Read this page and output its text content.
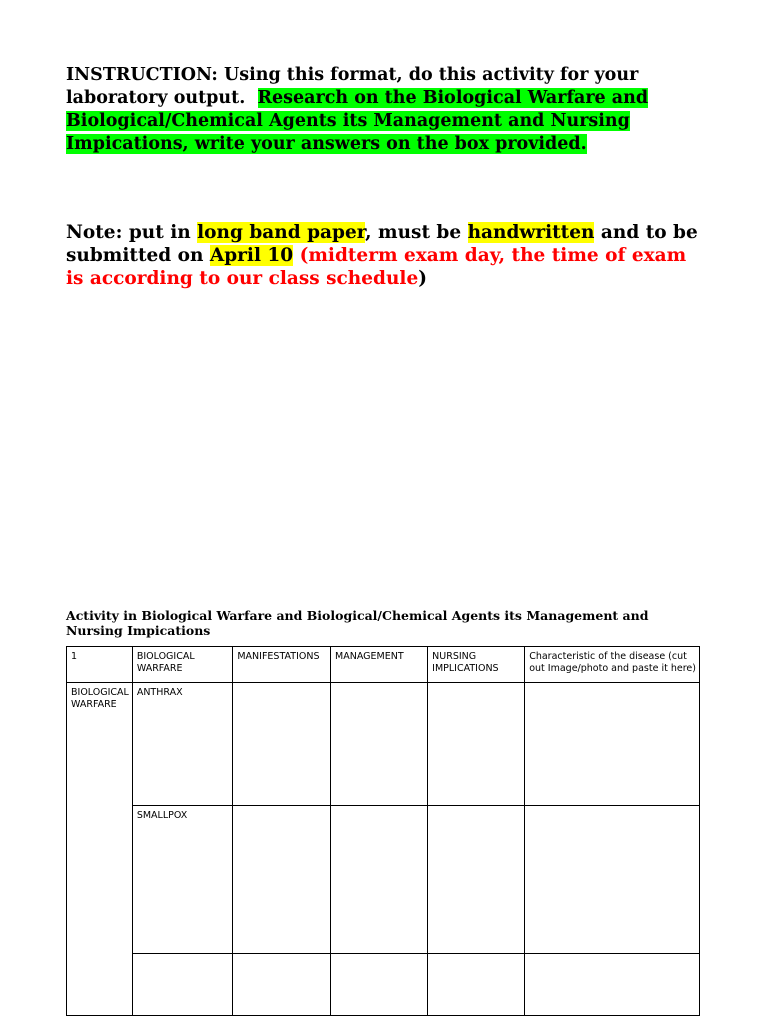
INSTRUCTION: Using this format, do this activity for your laboratory output. Research on the Biological Warfare and Biological/Chemical Agents its Management and Nursing Impications, write your answers on the box provided.
Note: put in long band paper, must be handwritten and to be submitted on April 10 (midterm exam day, the time of exam is according to our class schedule)
Activity in Biological Warfare and Biological/Chemical Agents its Management and Nursing Impications
1	BIOLOGICAL WARFARE	MANIFESTATIONS	MANAGEMENT	NURSING IMPLICATIONS	Characteristic of the disease (cut out Image/photo and paste it here)
BIOLOGICAL WARFARE	ANTHRAX				
	SMALLPOX				
